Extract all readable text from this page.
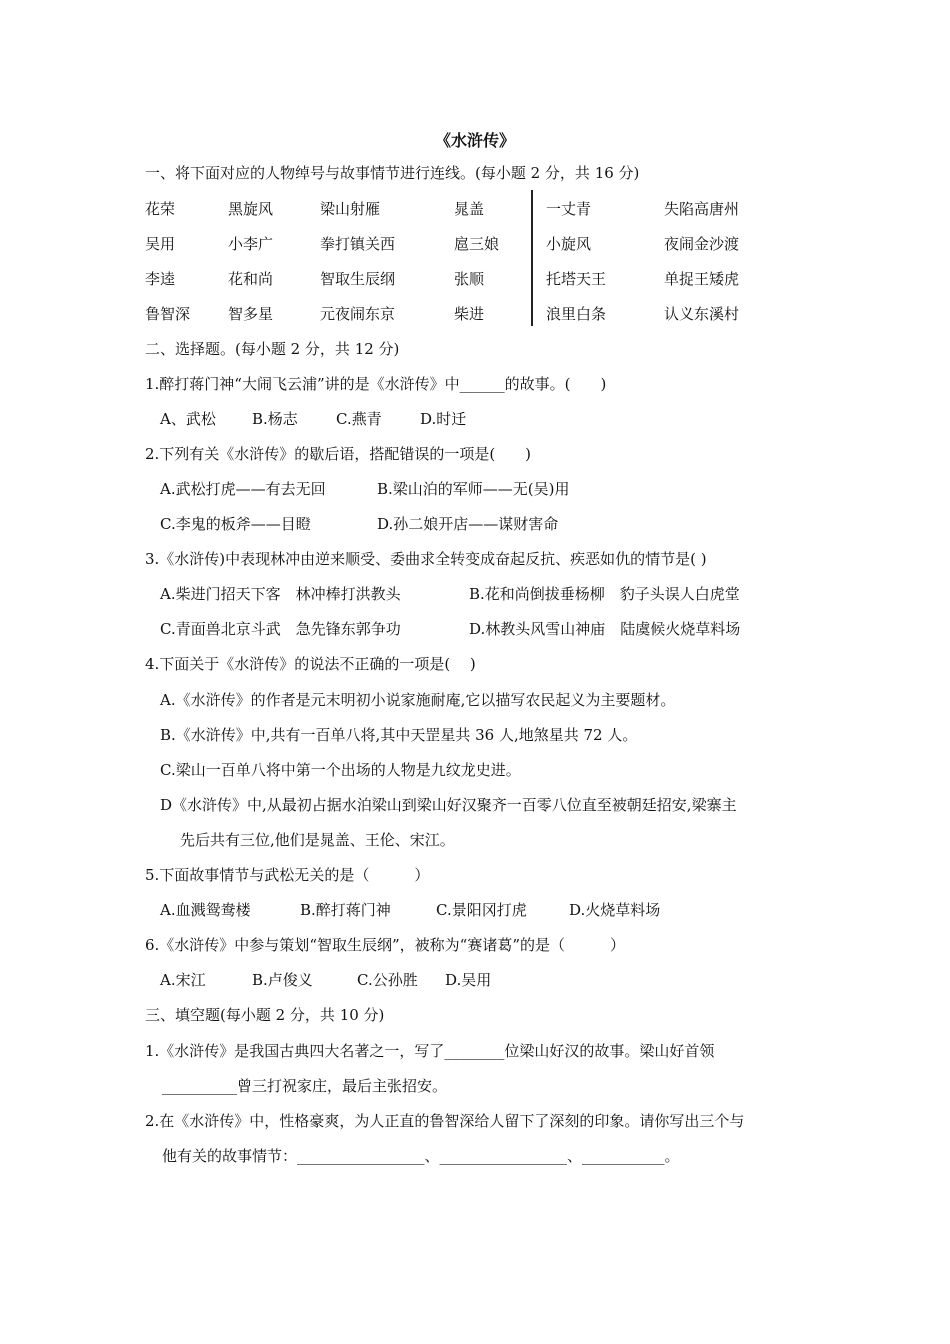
《水浒传》
一、将下面对应的人物绰号与故事情节进行连线。(每小题 2 分，共 16 分)
花荣	黑旋风	梁山射雁	晁盖	一丈青	失陷高唐州
吴用	小李广	拳打镇关西	扈三娘	小旋风	夜闹金沙渡
李逵	花和尚	智取生辰纲	张顺	托塔天王	单捉王矮虎
鲁智深	智多星	元夜闹东京	柴进	浪里白条	认义东溪村
二、选择题。(每小题 2 分，共 12 分)
1.醉打蒋门神“大闹飞云浦”讲的是《水浒传》中______的故事。(　　)
A、武松 B.杨志	C.燕青	D.时迁
2.下列有关《水浒传》的歇后语，搭配错误的一项是(　　)
A.武松打虎——有去无回	B.梁山泊的军师——无(吴)用
C.李鬼的板斧——目瞪	D.孙二娘开店——谋财害命
3.《水浒传)中表现林冲由逆来顺受、委曲求全转变成奋起反抗、疾恶如仇的情节是( )
A.柴进门招天下客　林冲棒打洪教头	B.花和尚倒拔垂杨柳　豹子头误人白虎堂
C.青面兽北京斗武　急先锋东郭争功	D.林教头风雪山神庙　陆虞候火烧草料场
4.下面关于《水浒传》的说法不正确的一项是(　 )
A.《水浒传》的作者是元末明初小说家施耐庵,它以描写农民起义为主要题材。
B.《水浒传》中,共有一百单八将,其中天罡星共 36 人,地煞星共 72 人。
C.梁山一百单八将中第一个出场的人物是九纹龙史进。
D《水浒传》中,从最初占据水泊梁山到梁山好汉聚齐一百零八位直至被朝廷招安,梁寨主
先后共有三位,他们是晁盖、王伦、宋江。
5.下面故事情节与武松无关的是（　　　）
A.血溅鸳鸯楼	B.醉打蒋门神	C.景阳冈打虎	D.火烧草料场
6.《水浒传》中参与策划“智取生辰纲”，被称为“赛诸葛”的是（　　　）
A.宋江	B.卢俊义	C.公孙胜 D.吴用
三、填空题(每小题 2 分，共 10 分)
1.《水浒传》是我国古典四大名著之一，写了________位梁山好汉的故事。梁山好首领
__________曾三打祝家庄，最后主张招安。
2.在《水浒传》中，性格豪爽，为人正直的鲁智深给人留下了深刻的印象。请你写出三个与
他有关的故事情节：_________________、_________________、___________。
